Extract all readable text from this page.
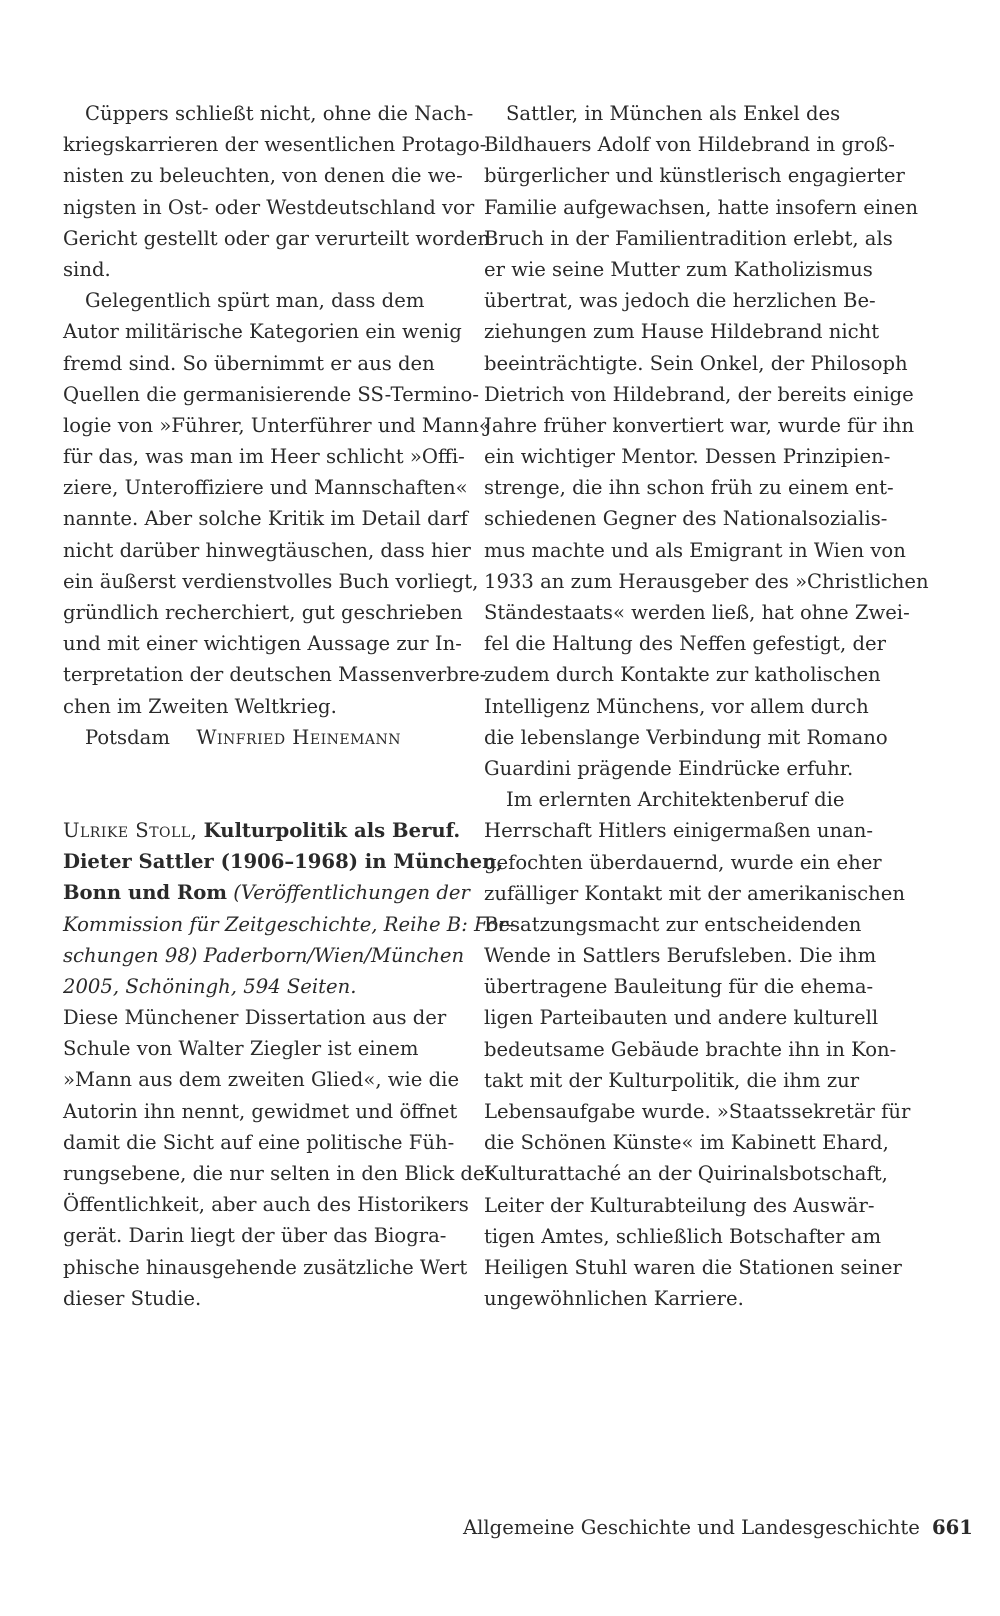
Cüppers schließt nicht, ohne die Nach-
kriegskarrieren der wesentlichen Protago-
nisten zu beleuchten, von denen die we-
nigsten in Ost- oder Westdeutschland vor
Gericht gestellt oder gar verurteilt worden
sind.
Gelegentlich spürt man, dass dem
Autor militärische Kategorien ein wenig
fremd sind. So übernimmt er aus den
Quellen die germanisierende SS-Termino-
logie von »Führer, Unterführer und Mann«
für das, was man im Heer schlicht »Offi-
ziere, Unteroffiziere und Mannschaften«
nannte. Aber solche Kritik im Detail darf
nicht darüber hinwegtäuschen, dass hier
ein äußerst verdienstvolles Buch vorliegt,
gründlich recherchiert, gut geschrieben
und mit einer wichtigen Aussage zur In-
terpretation der deutschen Massenverbre-
chen im Zweiten Weltkrieg.
Potsdam Winfried Heinemann
Ulrike Stoll, Kulturpolitik als Beruf.
Dieter Sattler (1906–1968) in München,
Bonn und Rom (Veröffentlichungen der
Kommission für Zeitgeschichte, Reihe B: For-
schungen 98) Paderborn/Wien/München
2005, Schöningh, 594 Seiten.
Diese Münchener Dissertation aus der
Schule von Walter Ziegler ist einem
»Mann aus dem zweiten Glied«, wie die
Autorin ihn nennt, gewidmet und öffnet
damit die Sicht auf eine politische Füh-
rungsebene, die nur selten in den Blick der
Öffentlichkeit, aber auch des Historikers
gerät. Darin liegt der über das Biogra-
phische hinausgehende zusätzliche Wert
dieser Studie.
Sattler, in München als Enkel des
Bildhauers Adolf von Hildebrand in groß-
bürgerlicher und künstlerisch engagierter
Familie aufgewachsen, hatte insofern einen
Bruch in der Familientradition erlebt, als
er wie seine Mutter zum Katholizismus
übertrat, was jedoch die herzlichen Be-
ziehungen zum Hause Hildebrand nicht
beeinträchtigte. Sein Onkel, der Philosoph
Dietrich von Hildebrand, der bereits einige
Jahre früher konvertiert war, wurde für ihn
ein wichtiger Mentor. Dessen Prinzipien-
strenge, die ihn schon früh zu einem ent-
schiedenen Gegner des Nationalsozialis-
mus machte und als Emigrant in Wien von
1933 an zum Herausgeber des »Christlichen
Ständestaats« werden ließ, hat ohne Zwei-
fel die Haltung des Neffen gefestigt, der
zudem durch Kontakte zur katholischen
Intelligenz Münchens, vor allem durch
die lebenslange Verbindung mit Romano
Guardini prägende Eindrücke erfuhr.
Im erlernten Architektenberuf die
Herrschaft Hitlers einigermaßen unan-
gefochten überdauernd, wurde ein eher
zufälliger Kontakt mit der amerikanischen
Besatzungsmacht zur entscheidenden
Wende in Sattlers Berufsleben. Die ihm
übertragene Bauleitung für die ehema-
ligen Parteibauten und andere kulturell
bedeutsame Gebäude brachte ihn in Kon-
takt mit der Kulturpolitik, die ihm zur
Lebensaufgabe wurde. »Staatssekretär für
die Schönen Künste« im Kabinett Ehard,
Kulturattaché an der Quirinalsbotschaft,
Leiter der Kulturabteilung des Auswär-
tigen Amtes, schließlich Botschafter am
Heiligen Stuhl waren die Stationen seiner
ungewöhnlichen Karriere.
Allgemeine Geschichte und Landesgeschichte 661
